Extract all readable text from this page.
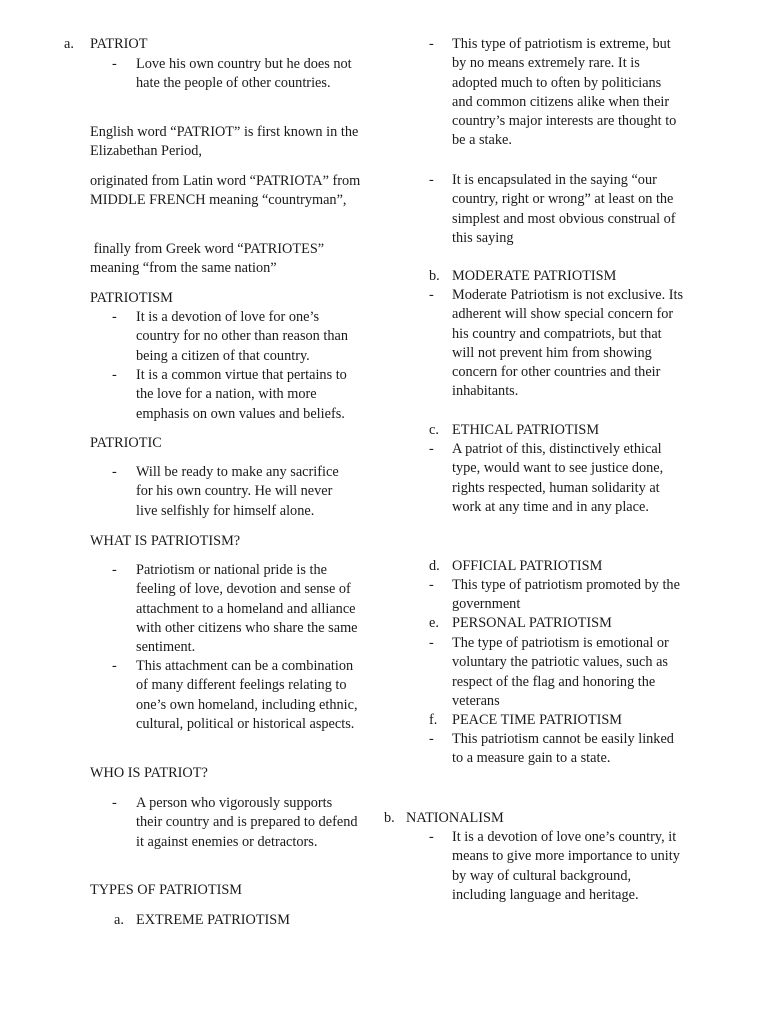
a. PATRIOT
- Love his own country but he does not hate the people of other countries.
English word “PATRIOT” is first known in the Elizabethan Period,
originated from Latin word “PATRIOTA” from MIDDLE FRENCH meaning “countryman”,
finally from Greek word “PATRIOTES” meaning “from the same nation”
PATRIOTISM
- It is a devotion of love for one’s country for no other than reason than being a citizen of that country.
- It is a common virtue that pertains to the love for a nation, with more emphasis on own values and beliefs.
PATRIOTIC
- Will be ready to make any sacrifice for his own country. He will never live selfishly for himself alone.
WHAT IS PATRIOTISM?
- Patriotism or national pride is the feeling of love, devotion and sense of attachment to a homeland and alliance with other citizens who share the same sentiment.
- This attachment can be a combination of many different feelings relating to one’s own homeland, including ethnic, cultural, political or historical aspects.
WHO IS PATRIOT?
- A person who vigorously supports their country and is prepared to defend it against enemies or detractors.
TYPES OF PATRIOTISM
a. EXTREME PATRIOTISM
- This type of patriotism is extreme, but by no means extremely rare. It is adopted much to often by politicians and common citizens alike when their country’s major interests are thought to be a stake.
- It is encapsulated in the saying “our country, right or wrong” at least on the simplest and most obvious construal of this saying
b. MODERATE PATRIOTISM
- Moderate Patriotism is not exclusive. Its adherent will show special concern for his country and compatriots, but that will not prevent him from showing concern for other countries and their inhabitants.
c. ETHICAL PATRIOTISM
- A patriot of this, distinctively ethical type, would want to see justice done, rights respected, human solidarity at work at any time and in any place.
d. OFFICIAL PATRIOTISM
- This type of patriotism promoted by the government
e. PERSONAL PATRIOTISM
- The type of patriotism is emotional or voluntary the patriotic values, such as respect of the flag and honoring the veterans
f. PEACE TIME PATRIOTISM
- This patriotism cannot be easily linked to a measure gain to a state.
b. NATIONALISM
- It is a devotion of love one’s country, it means to give more importance to unity by way of cultural background, including language and heritage.
